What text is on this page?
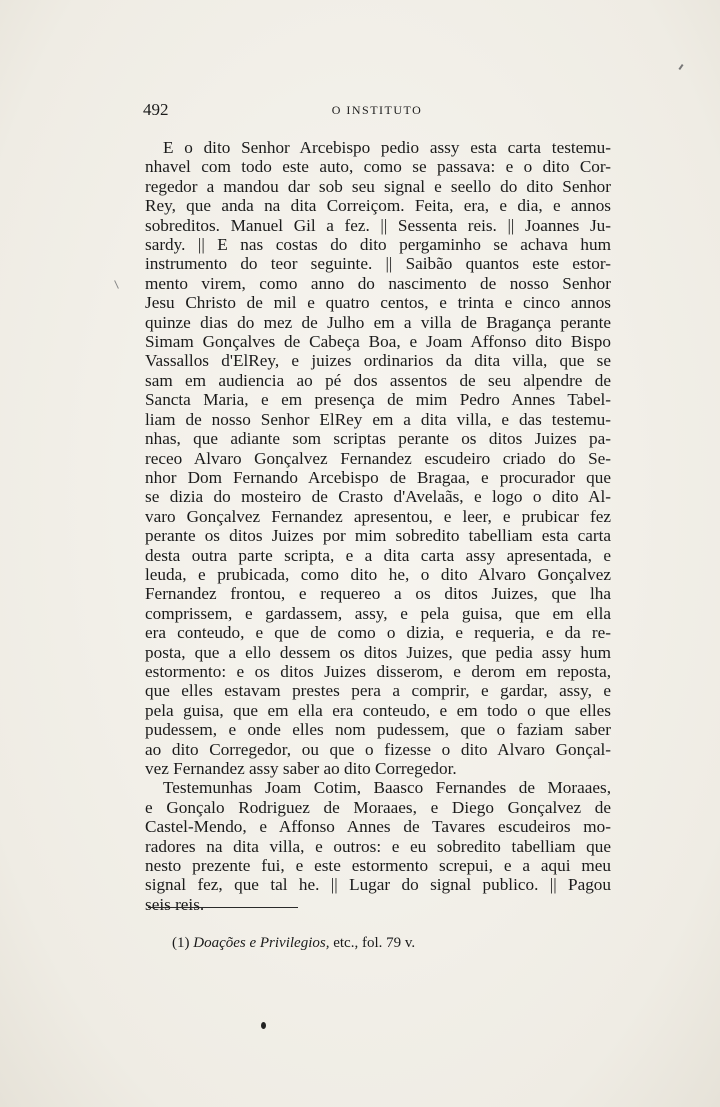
492	O INSTITUTO
E o dito Senhor Arcebispo pedio assy esta carta testemu-
nhavel com todo este auto, como se passava: e o dito Cor-
regedor a mandou dar sob seu signal e seello do dito Senhor
Rey, que anda na dita Correiçom. Feita, era, e dia, e annos
sobreditos. Manuel Gil a fez. || Sessenta reis. || Joannes Ju-
sardy. || E nas costas do dito pergaminho se achava hum
instrumento do teor seguinte. || Saibão quantos este estor-
mento virem, como anno do nascimento de nosso Senhor
Jesu Christo de mil e quatro centos, e trinta e cinco annos
quinze dias do mez de Julho em a villa de Bragança perante
Simam Gonçalves de Cabeça Boa, e Joam Affonso dito Bispo
Vassallos d'ElRey, e juizes ordinarios da dita villa, que se
sam em audiencia ao pé dos assentos de seu alpendre de
Sancta Maria, e em presença de mim Pedro Annes Tabel-
liam de nosso Senhor ElRey em a dita villa, e das testemu-
nhas, que adiante som scriptas perante os ditos Juizes pa-
receo Alvaro Gonçalvez Fernandez escudeiro criado do Se-
nhor Dom Fernando Arcebispo de Bragaa, e procurador que
se dizia do mosteiro de Crasto d'Avelaãs, e logo o dito Al-
varo Gonçalvez Fernandez apresentou, e leer, e prubicar fez
perante os ditos Juizes por mim sobredito tabelliam esta carta
desta outra parte scripta, e a dita carta assy apresentada, e
leuda, e prubicada, como dito he, o dito Alvaro Gonçalvez
Fernandez frontou, e requereo a os ditos Juizes, que lha
comprissem, e gardassem, assy, e pela guisa, que em ella
era conteudo, e que de como o dizia, e requeria, e da re-
posta, que a ello dessem os ditos Juizes, que pedia assy hum
estormento: e os ditos Juizes disserom, e derom em reposta,
que elles estavam prestes pera a comprir, e gardar, assy, e
pela guisa, que em ella era conteudo, e em todo o que elles
pudessem, e onde elles nom pudessem, que o faziam saber
ao dito Corregedor, ou que o fizesse o dito Alvaro Gonçal-
vez Fernandez assy saber ao dito Corregedor.
Testemunhas Joam Cotim, Baasco Fernandes de Moraaes,
e Gonçalo Rodriguez de Moraaes, e Diego Gonçalvez de
Castel-Mendo, e Affonso Annes de Tavares escudeiros mo-
radores na dita villa, e outros: e eu sobredito tabelliam que
nesto prezente fui, e este estormento screpui, e a aqui meu
signal fez, que tal he. || Lugar do signal publico. || Pagou
seis reis.
(1) Doações e Privilegios, etc., fol. 79 v.
